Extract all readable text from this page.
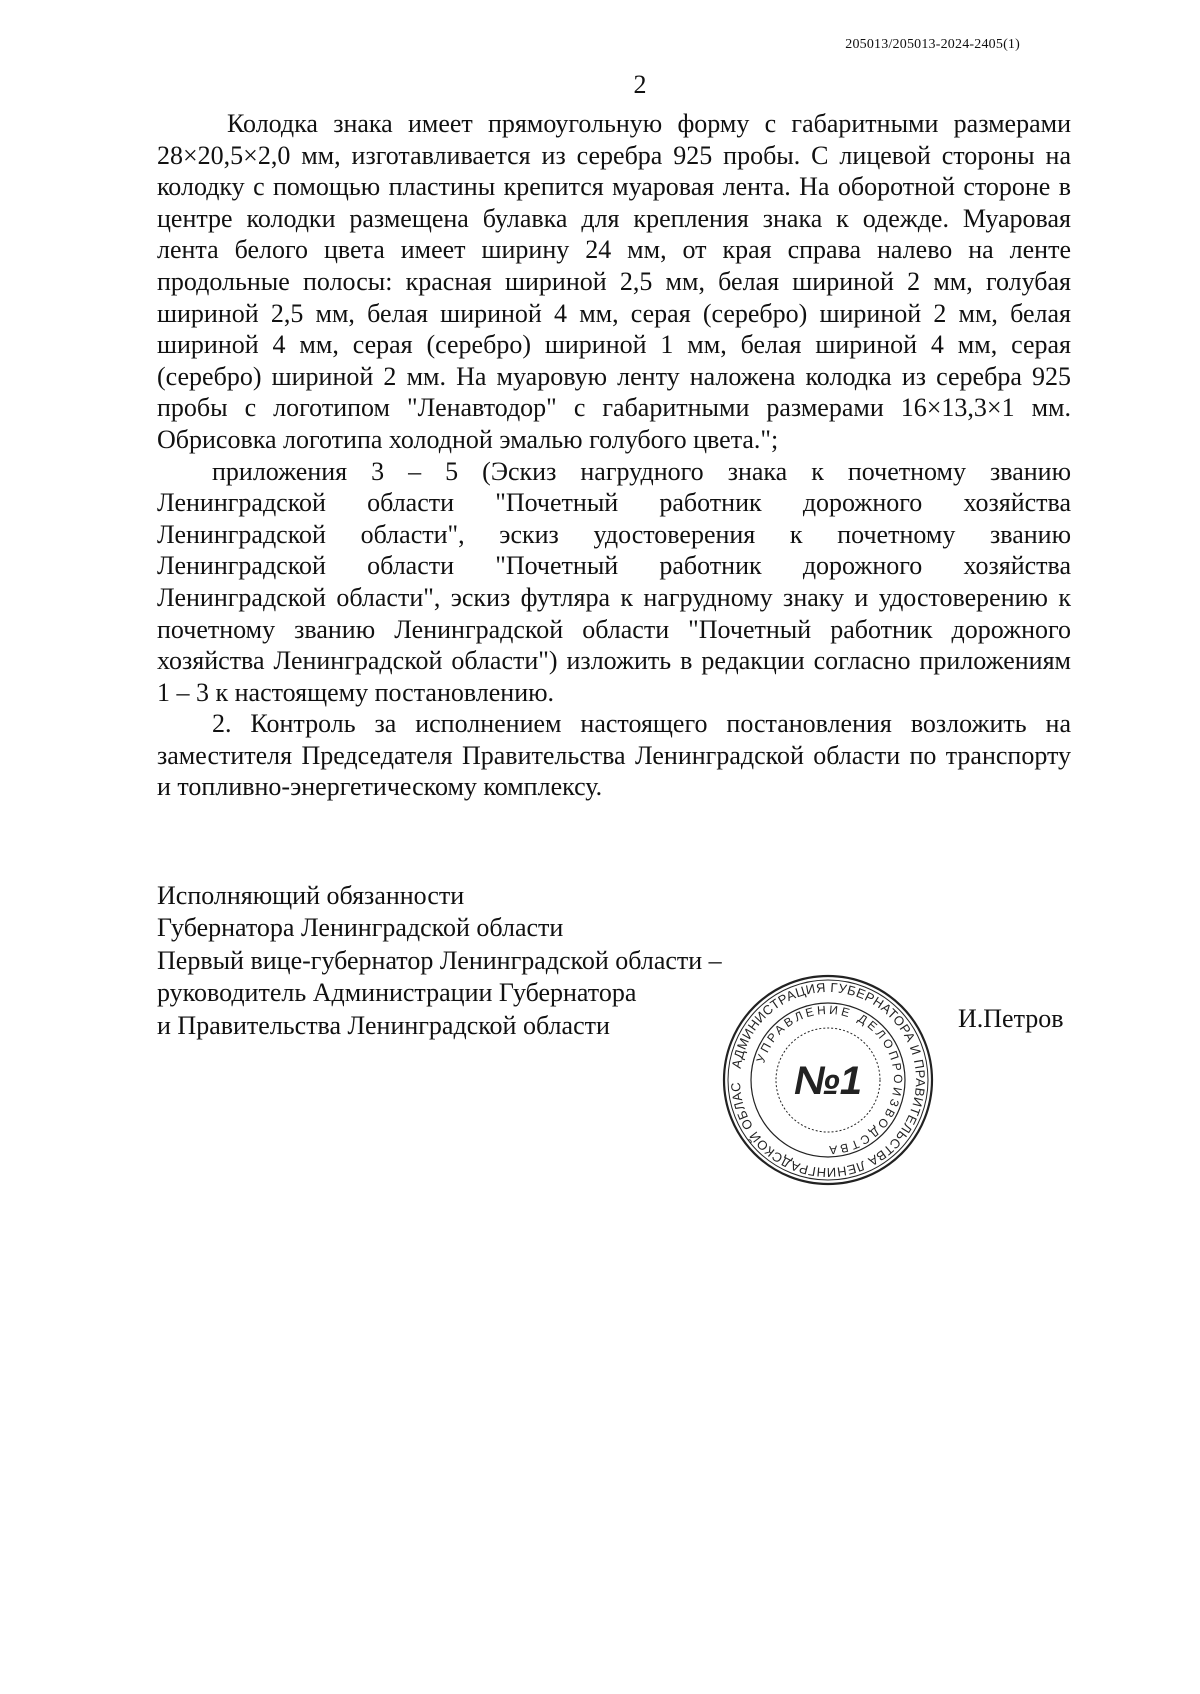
205013/205013-2024-2405(1)
2

Колодка знака имеет прямоугольную форму с габаритными размерами 28×20,5×2,0 мм, изготавливается из серебра 925 пробы. С лицевой стороны на колодку с помощью пластины крепится муаровая лента. На оборотной стороне в центре колодки размещена булавка для крепления знака к одежде. Муаровая лента белого цвета имеет ширину 24 мм, от края справа налево на ленте продольные полосы: красная шириной 2,5 мм, белая шириной 2 мм, голубая шириной 2,5 мм, белая шириной 4 мм, серая (серебро) шириной 2 мм, белая шириной 4 мм, серая (серебро) шириной 1 мм, белая шириной 4 мм, серая (серебро) шириной 2 мм. На муаровую ленту наложена колодка из серебра 925 пробы с логотипом "Ленавтодор" с габаритными размерами 16×13,3×1 мм. Обрисовка логотипа холодной эмалью голубого цвета.";

приложения 3 – 5 (Эскиз нагрудного знака к почетному званию Ленинградской области "Почетный работник дорожного хозяйства Ленинградской области", эскиз удостоверения к почетному званию Ленинградской области "Почетный работник дорожного хозяйства Ленинградской области", эскиз футляра к нагрудному знаку и удостоверению к почетному званию Ленинградской области "Почетный работник дорожного хозяйства Ленинградской области") изложить в редакции согласно приложениям 1 – 3 к настоящему постановлению.

2. Контроль за исполнением настоящего постановления возложить на заместителя Председателя Правительства Ленинградской области по транспорту и топливно-энергетическому комплексу.

Исполняющий обязанности
Губернатора Ленинградской области
Первый вице-губернатор Ленинградской области –
руководитель Администрации Губернатора
и Правительства Ленинградской области	И.Петров
АДМИНИСТРАЦИЯ ГУБЕРНАТОРА И ПРАВИТЕЛЬСТВА ЛЕНИНГРАДСКОЙ ОБЛАС
УПРАВЛЕНИЕ ДЕЛОПРОИЗВОДСТВА
№1
